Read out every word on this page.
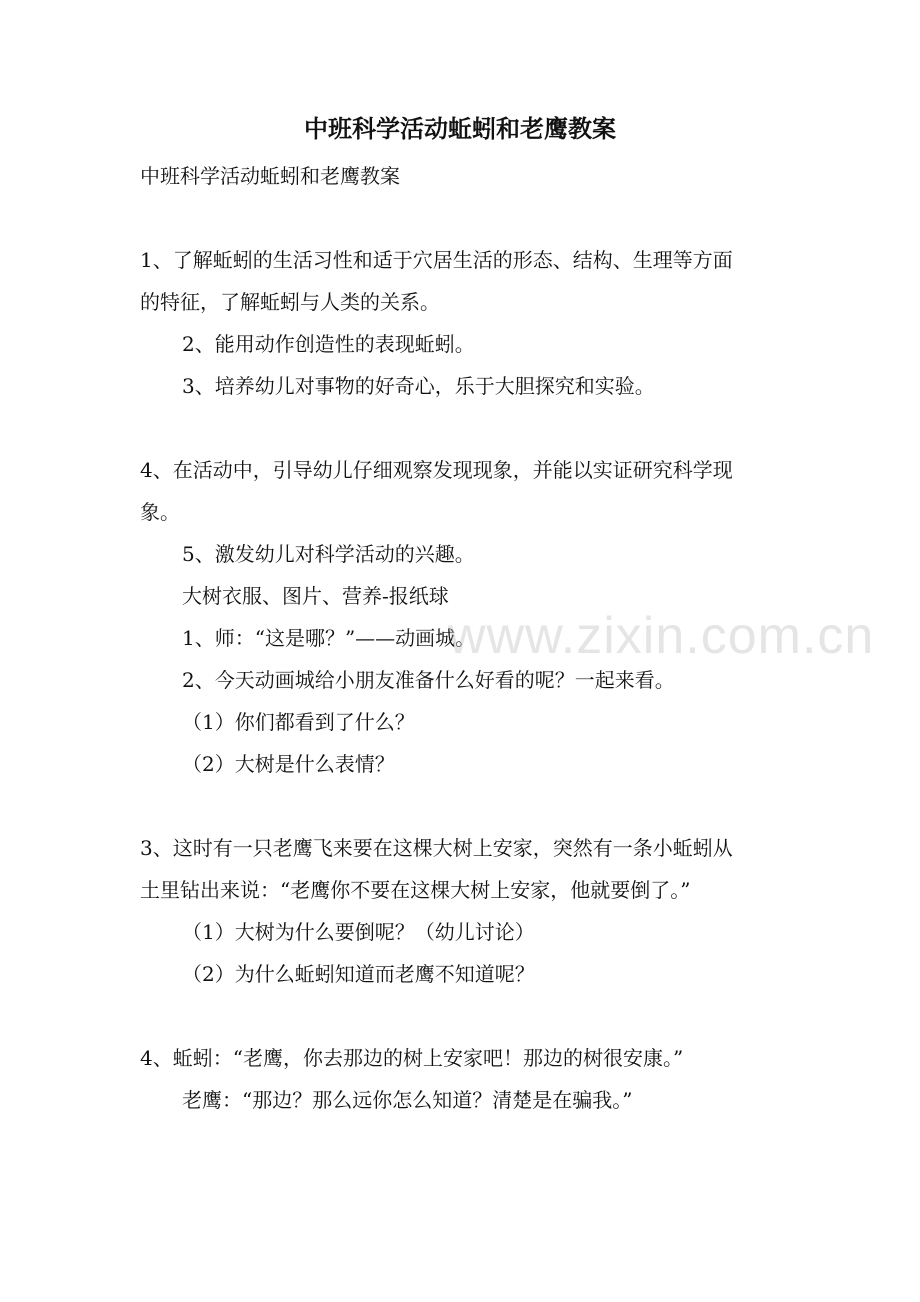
中班科学活动蚯蚓和老鹰教案
中班科学活动蚯蚓和老鹰教案
1、了解蚯蚓的生活习性和适于穴居生活的形态、结构、生理等方面
的特征，了解蚯蚓与人类的关系。
2、能用动作创造性的表现蚯蚓。
3、培养幼儿对事物的好奇心，乐于大胆探究和实验。
4、在活动中，引导幼儿仔细观察发现现象，并能以实证研究科学现
象。
5、激发幼儿对科学活动的兴趣。
大树衣服、图片、营养-报纸球
1、师：“这是哪？”——动画城。
2、今天动画城给小朋友准备什么好看的呢？一起来看。
（1）你们都看到了什么？
（2）大树是什么表情？
3、这时有一只老鹰飞来要在这棵大树上安家，突然有一条小蚯蚓从
土里钻出来说：“老鹰你不要在这棵大树上安家，他就要倒了。”
（1）大树为什么要倒呢？（幼儿讨论）
（2）为什么蚯蚓知道而老鹰不知道呢？
4、蚯蚓：“老鹰，你去那边的树上安家吧！那边的树很安康。”
老鹰：“那边？那么远你怎么知道？清楚是在骗我。”
www.zixin.com.cn
